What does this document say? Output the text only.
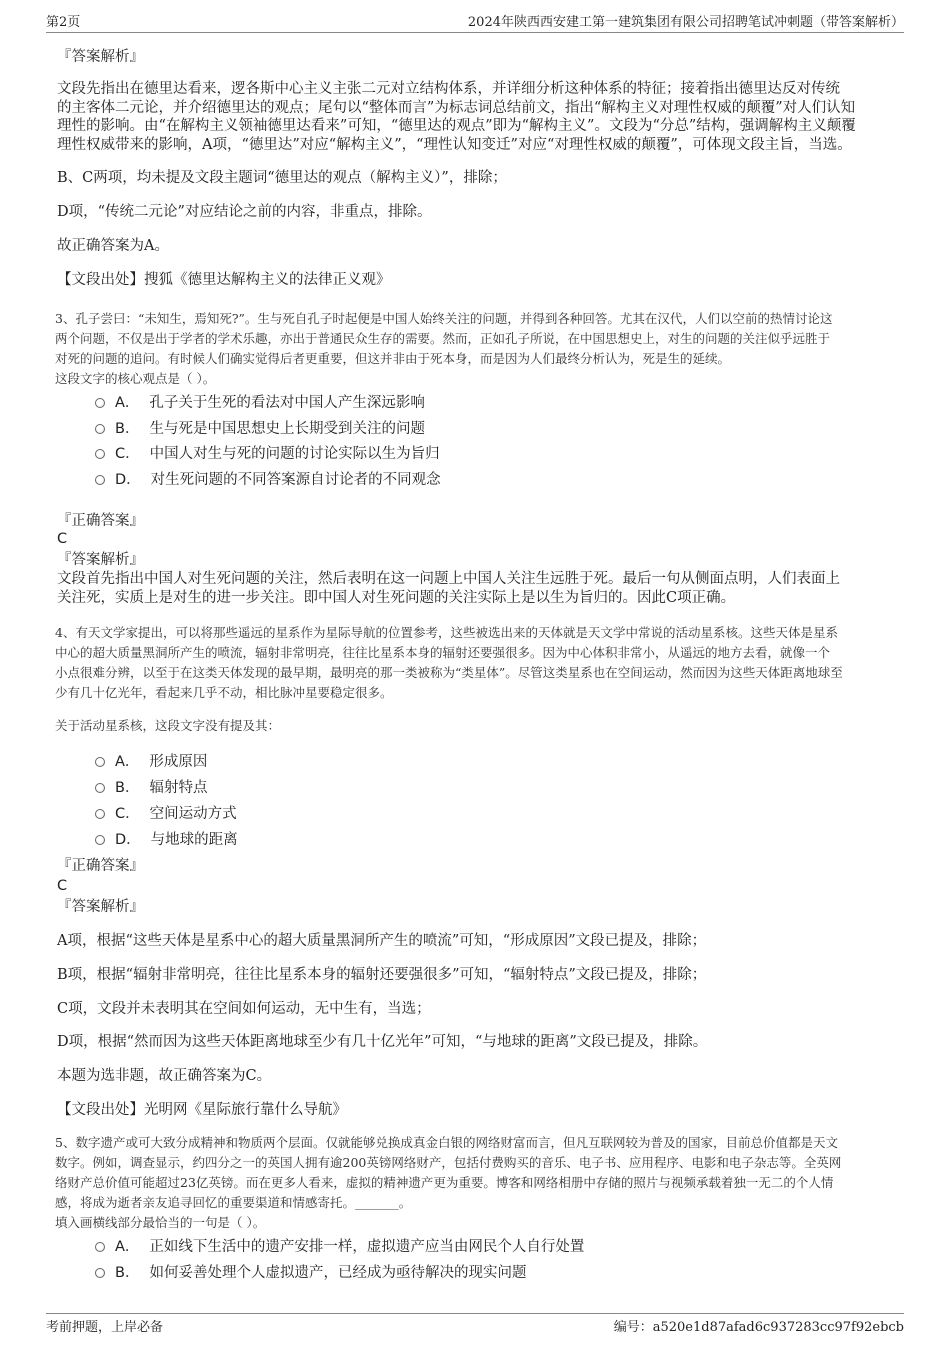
第2页	2024年陕西西安建工第一建筑集团有限公司招聘笔试冲刺题（带答案解析）
『答案解析』
文段先指出在德里达看来，逻各斯中心主义主张二元对立结构体系，并详细分析这种体系的特征；接着指出德里达反对传统
的主客体二元论，并介绍德里达的观点；尾句以“整体而言”为标志词总结前文，指出“解构主义对理性权威的颠覆”对人们认知
理性的影响。由“在解构主义领袖德里达看来”可知，“德里达的观点”即为“解构主义”。文段为“分总”结构，强调解构主义颠覆
理性权威带来的影响，A项，“德里达”对应“解构主义”，“理性认知变迁”对应“对理性权威的颠覆”，可体现文段主旨，当选。
B、C两项，均未提及文段主题词“德里达的观点（解构主义）”，排除；
D项，“传统二元论”对应结论之前的内容，非重点，排除。
故正确答案为A。
【文段出处】搜狐《德里达解构主义的法律正义观》
3、孔子尝曰：“未知生，焉知死?”。生与死自孔子时起便是中国人始终关注的问题，并得到各种回答。尤其在汉代，人们以空前的热情讨论这
两个问题，不仅是出于学者的学术乐趣，亦出于普通民众生存的需要。然而，正如孔子所说，在中国思想史上，对生的问题的关注似乎远胜于
对死的问题的追问。有时候人们确实觉得后者更重要，但这并非由于死本身，而是因为人们最终分析认为，死是生的延续。
这段文字的核心观点是（ ）。
A． 孔子关于生死的看法对中国人产生深远影响
B． 生与死是中国思想史上长期受到关注的问题
C． 中国人对生与死的问题的讨论实际以生为旨归
D． 对生死问题的不同答案源自讨论者的不同观念
『正确答案』
C
『答案解析』
文段首先指出中国人对生死问题的关注，然后表明在这一问题上中国人关注生远胜于死。最后一句从侧面点明，人们表面上
关注死，实质上是对生的进一步关注。即中国人对生死问题的关注实际上是以生为旨归的。因此C项正确。
4、有天文学家提出，可以将那些遥远的星系作为星际导航的位置参考，这些被选出来的天体就是天文学中常说的活动星系核。这些天体是星系
中心的超大质量黑洞所产生的喷流，辐射非常明亮，往往比星系本身的辐射还要强很多。因为中心体积非常小，从遥远的地方去看，就像一个
小点很难分辨，以至于在这类天体发现的最早期，最明亮的那一类被称为“类星体”。尽管这类星系也在空间运动，然而因为这些天体距离地球至
少有几十亿光年，看起来几乎不动，相比脉冲星要稳定很多。
关于活动星系核，这段文字没有提及其：
A． 形成原因
B． 辐射特点
C． 空间运动方式
D． 与地球的距离
『正确答案』
C
『答案解析』
A项，根据“这些天体是星系中心的超大质量黑洞所产生的喷流”可知，“形成原因”文段已提及，排除；
B项，根据“辐射非常明亮，往往比星系本身的辐射还要强很多”可知，“辐射特点”文段已提及，排除；
C项，文段并未表明其在空间如何运动，无中生有，当选；
D项，根据“然而因为这些天体距离地球至少有几十亿光年”可知，“与地球的距离”文段已提及，排除。
本题为选非题，故正确答案为C。
【文段出处】光明网《星际旅行靠什么导航》
5、数字遗产或可大致分成精神和物质两个层面。仅就能够兑换成真金白银的网络财富而言，但凡互联网较为普及的国家，目前总价值都是天文
数字。例如，调查显示，约四分之一的英国人拥有逾200英镑网络财产，包括付费购买的音乐、电子书、应用程序、电影和电子杂志等。全英网
络财产总价值可能超过23亿英镑。而在更多人看来，虚拟的精神遗产更为重要。博客和网络相册中存储的照片与视频承载着独一无二的个人情
感，将成为逝者亲友追寻回忆的重要渠道和情感寄托。_______。
填入画横线部分最恰当的一句是（ ）。
A． 正如线下生活中的遗产安排一样，虚拟遗产应当由网民个人自行处置
B． 如何妥善处理个人虚拟遗产，已经成为亟待解决的现实问题
考前押题，上岸必备	编号：a520e1d87afad6c937283cc97f92ebcb
